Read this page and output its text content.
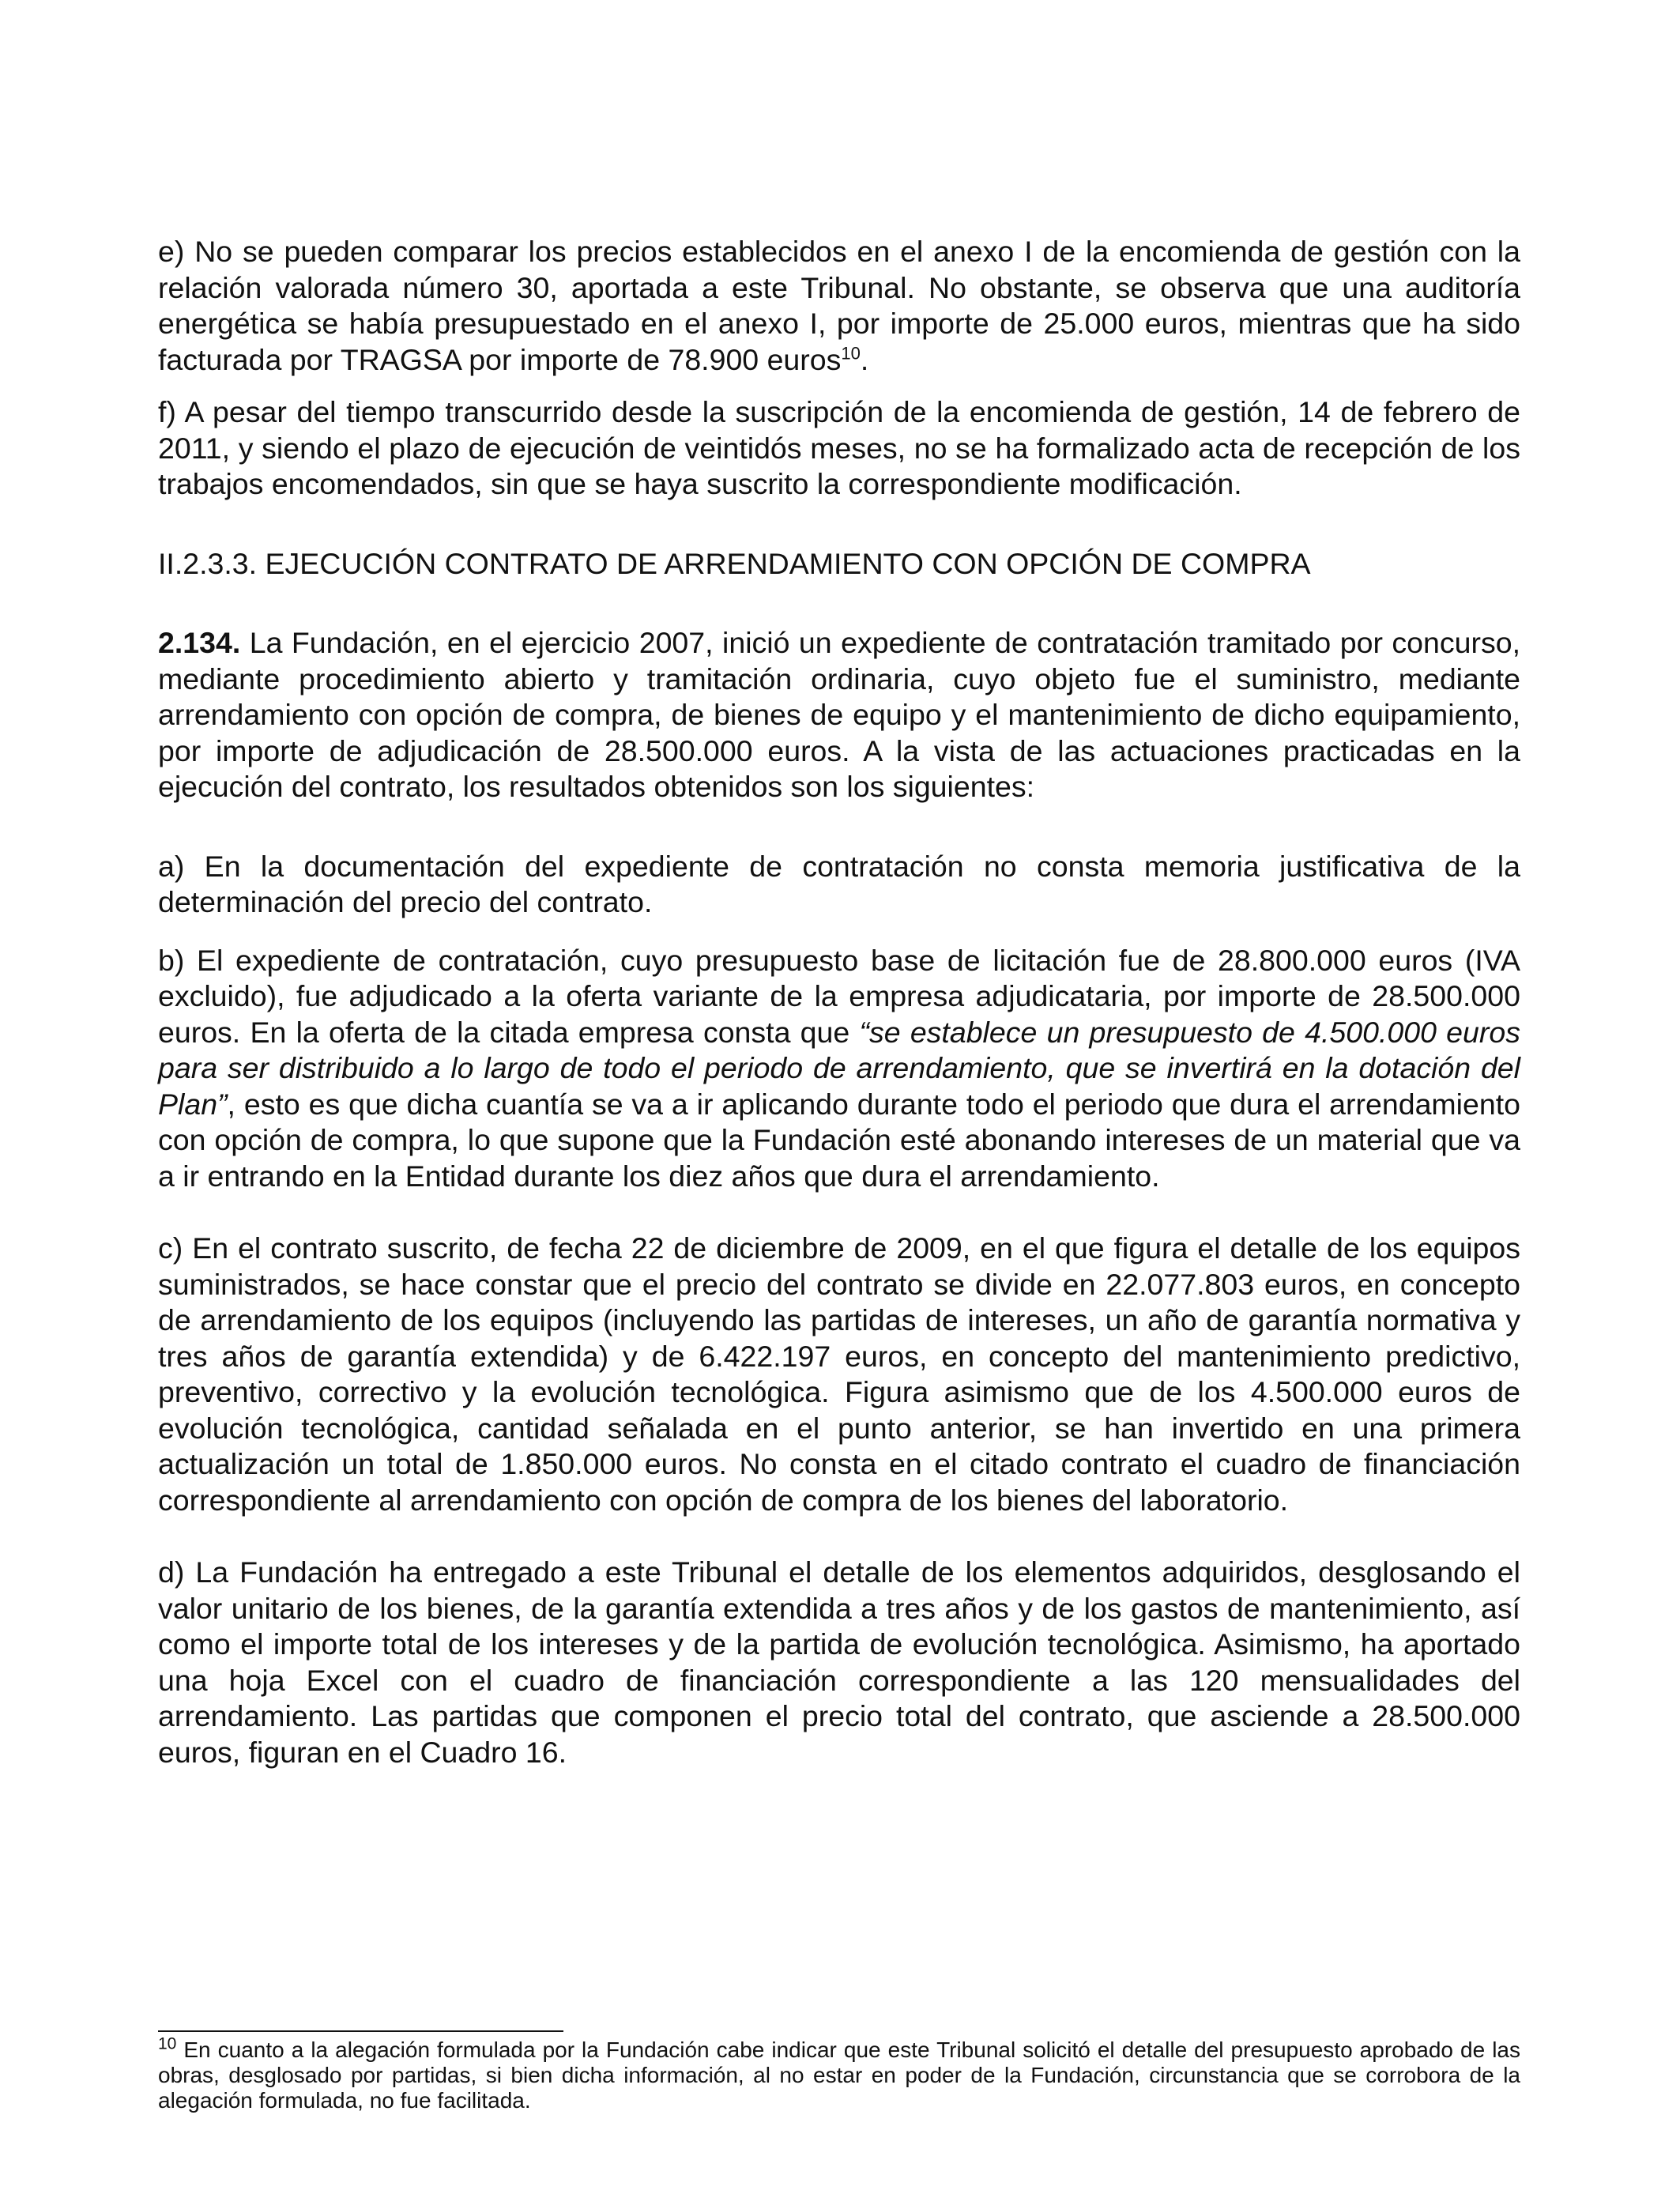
e) No se pueden comparar los precios establecidos en el anexo I de la encomienda de gestión con la relación valorada número 30, aportada a este Tribunal. No obstante, se observa que una auditoría energética se había presupuestado en el anexo I, por importe de 25.000 euros, mientras que ha sido facturada por TRAGSA por importe de 78.900 euros$^{10}$.

f) A pesar del tiempo transcurrido desde la suscripción de la encomienda de gestión, 14 de febrero de 2011, y siendo el plazo de ejecución de veintidós meses, no se ha formalizado acta de recepción de los trabajos encomendados, sin que se haya suscrito la correspondiente modificación.

II.2.3.3. EJECUCIÓN CONTRATO DE ARRENDAMIENTO CON OPCIÓN DE COMPRA

2.134. La Fundación, en el ejercicio 2007, inició un expediente de contratación tramitado por concurso, mediante procedimiento abierto y tramitación ordinaria, cuyo objeto fue el suministro, mediante arrendamiento con opción de compra, de bienes de equipo y el mantenimiento de dicho equipamiento, por importe de adjudicación de 28.500.000 euros. A la vista de las actuaciones practicadas en la ejecución del contrato, los resultados obtenidos son los siguientes:

a) En la documentación del expediente de contratación no consta memoria justificativa de la determinación del precio del contrato.

b) El expediente de contratación, cuyo presupuesto base de licitación fue de 28.800.000 euros (IVA excluido), fue adjudicado a la oferta variante de la empresa adjudicataria, por importe de 28.500.000 euros. En la oferta de la citada empresa consta que “se establece un presupuesto de 4.500.000 euros para ser distribuido a lo largo de todo el periodo de arrendamiento, que se invertirá en la dotación del Plan”, esto es que dicha cuantía se va a ir aplicando durante todo el periodo que dura el arrendamiento con opción de compra, lo que supone que la Fundación esté abonando intereses de un material que va a ir entrando en la Entidad durante los diez años que dura el arrendamiento.

c) En el contrato suscrito, de fecha 22 de diciembre de 2009, en el que figura el detalle de los equipos suministrados, se hace constar que el precio del contrato se divide en 22.077.803 euros, en concepto de arrendamiento de los equipos (incluyendo las partidas de intereses, un año de garantía normativa y tres años de garantía extendida) y de 6.422.197 euros, en concepto del mantenimiento predictivo, preventivo, correctivo y la evolución tecnológica. Figura asimismo que de los 4.500.000 euros de evolución tecnológica, cantidad señalada en el punto anterior, se han invertido en una primera actualización un total de 1.850.000 euros. No consta en el citado contrato el cuadro de financiación correspondiente al arrendamiento con opción de compra de los bienes del laboratorio.

d) La Fundación ha entregado a este Tribunal el detalle de los elementos adquiridos, desglosando el valor unitario de los bienes, de la garantía extendida a tres años y de los gastos de mantenimiento, así como el importe total de los intereses y de la partida de evolución tecnológica. Asimismo, ha aportado una hoja Excel con el cuadro de financiación correspondiente a las 120 mensualidades del arrendamiento. Las partidas que componen el precio total del contrato, que asciende a 28.500.000 euros, figuran en el Cuadro 16.

$^{10}$ En cuanto a la alegación formulada por la Fundación cabe indicar que este Tribunal solicitó el detalle del presupuesto aprobado de las obras, desglosado por partidas, si bien dicha información, al no estar en poder de la Fundación, circunstancia que se corrobora de la alegación formulada, no fue facilitada.
